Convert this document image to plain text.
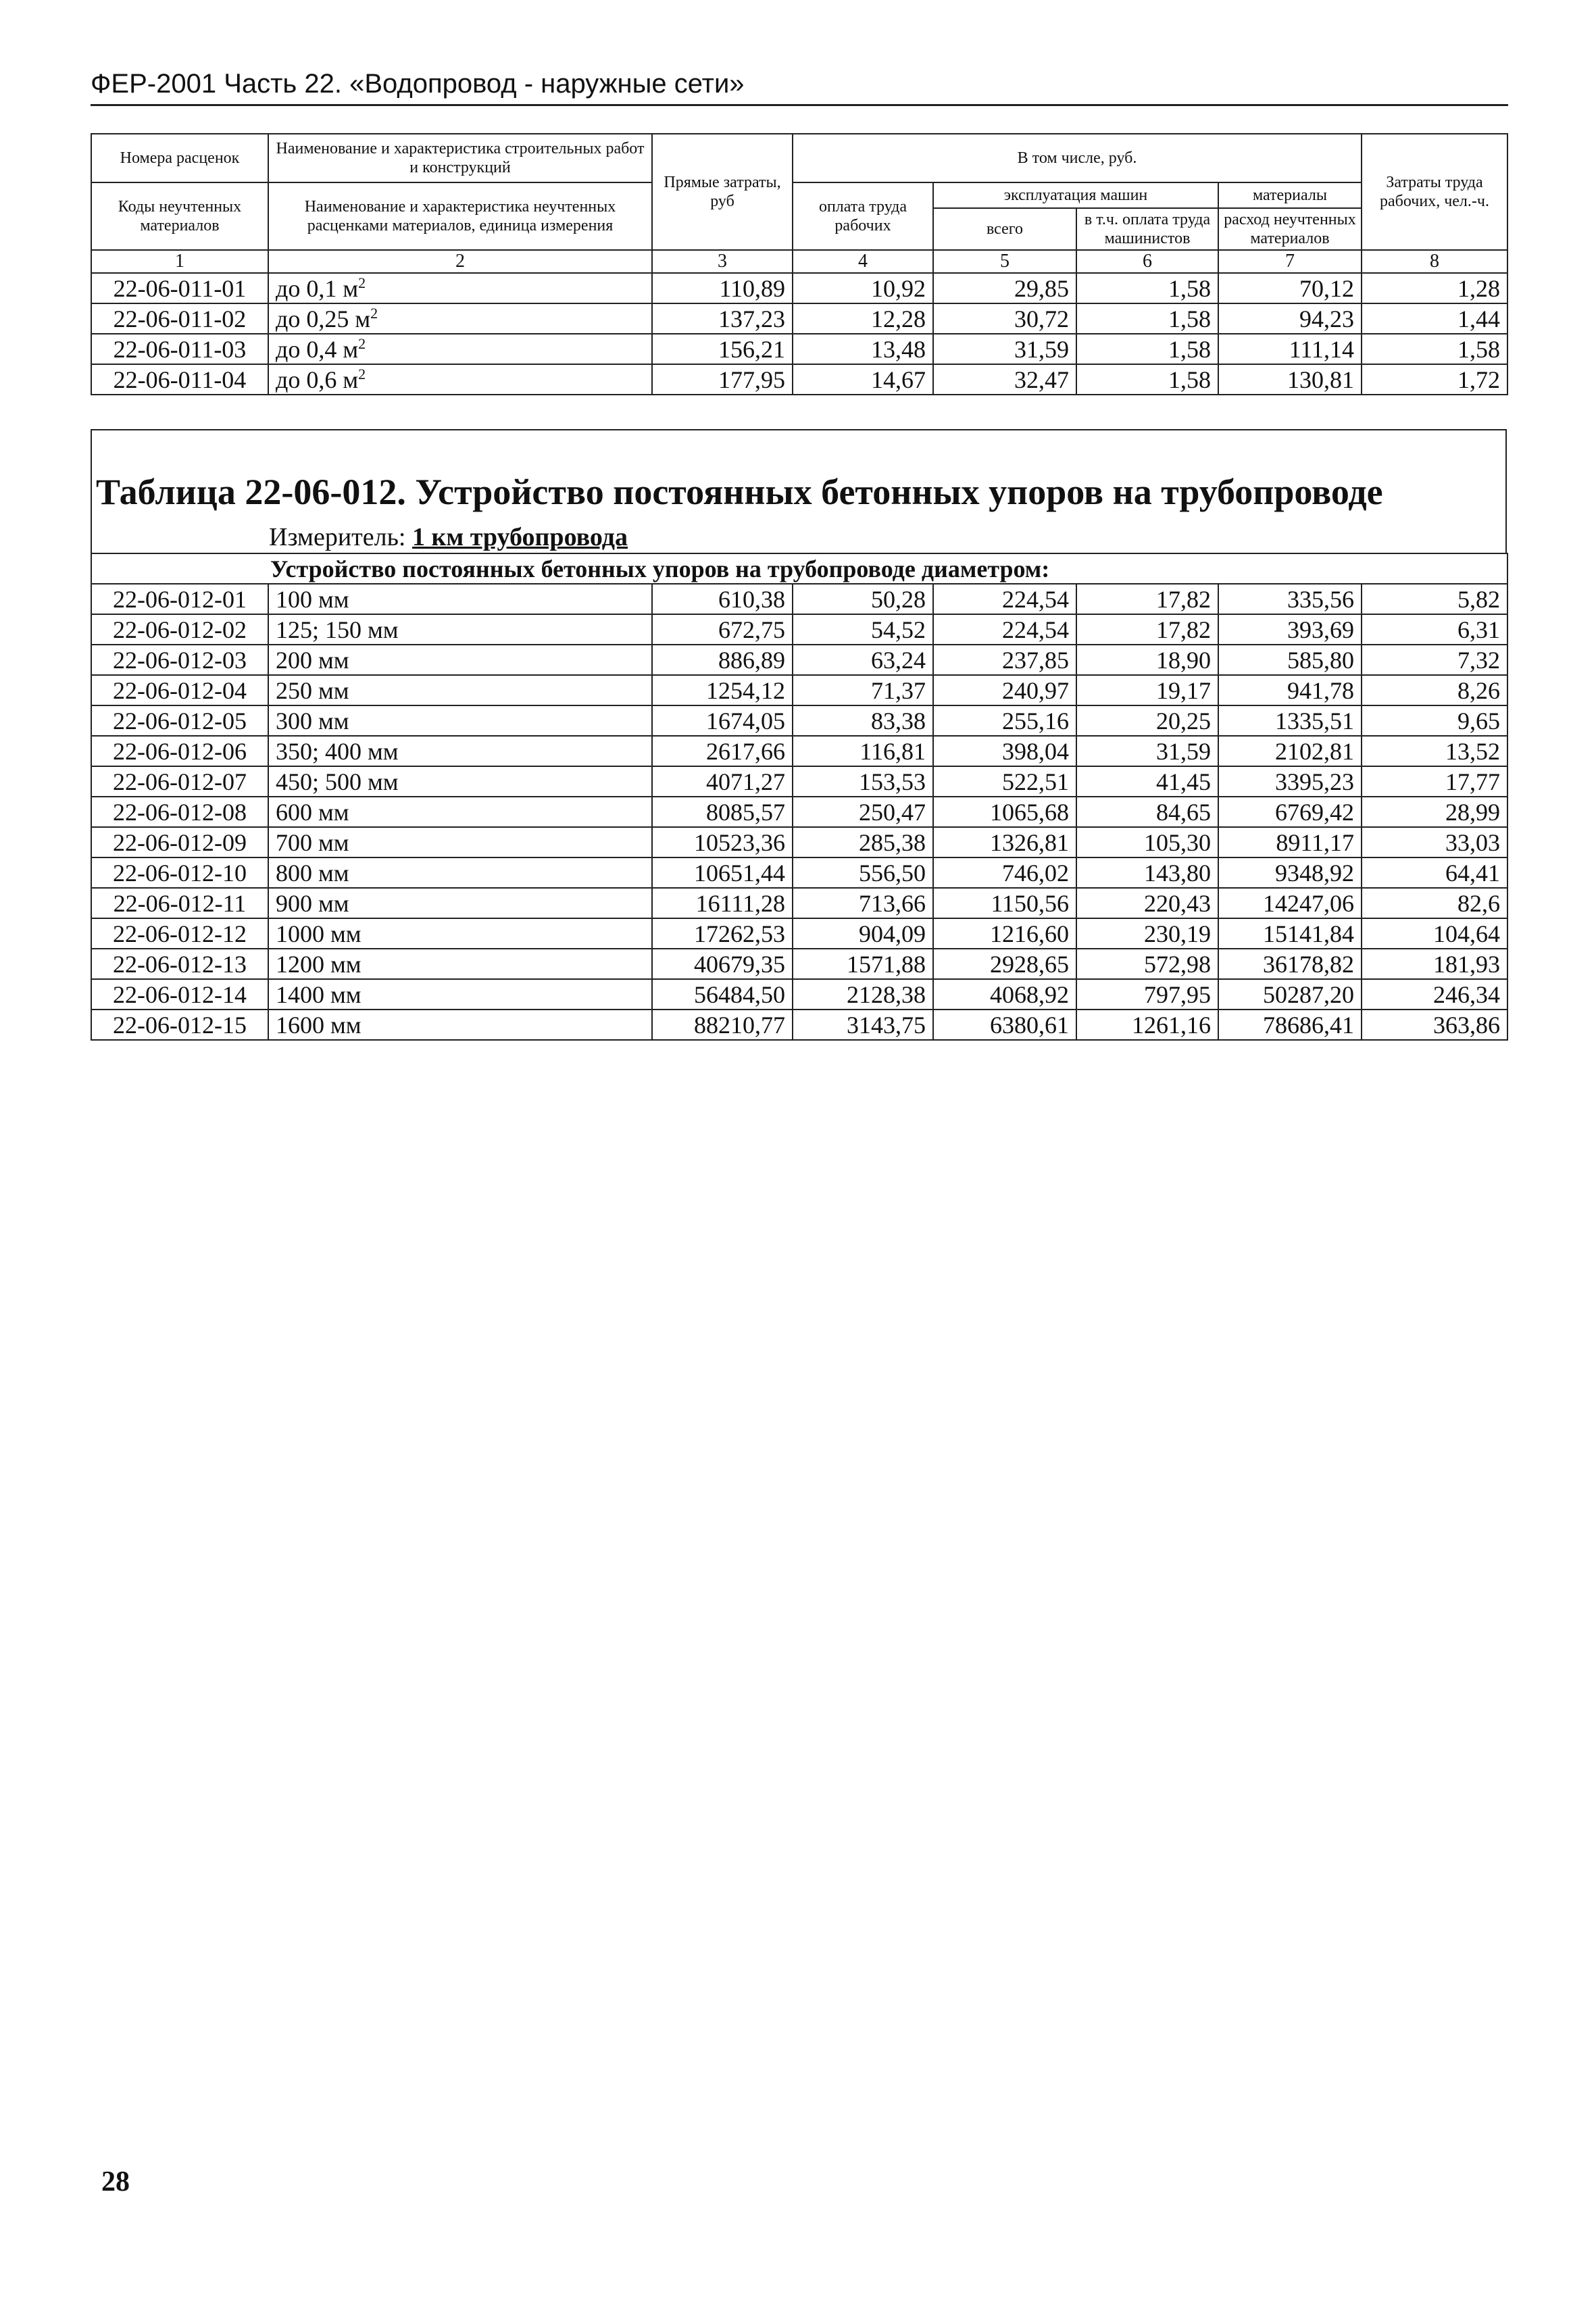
ФЕР-2001 Часть 22. «Водопровод - наружные сети»
Номера расценок	Наименование и характеристика строительных работ и конструкций	Прямые затраты, руб	В том числе, руб.				Затраты труда рабочих, чел.-ч.
Коды неучтенных материалов	Наименование и характеристика неучтенных расценками материалов, единица измерения		оплата труда рабочих	эксплуатация машин		материалы	
				всего	в т.ч. оплата труда машинистов	расход неучтенных материалов	

1	2	3	4	5	6	7	8
22-06-011-01	до 0,1 $м^2$	110,89	10,92	29,85	1,58	70,12	1,28
22-06-011-02	до 0,25 $м^2$	137,23	12,28	30,72	1,58	94,23	1,44
22-06-011-03	до 0,4 $м^2$	156,21	13,48	31,59	1,58	111,14	1,58
22-06-011-04	до 0,6 $м^2$	177,95	14,67	32,47	1,58	130,81	1,72
Таблица 22-06-012. Устройство постоянных бетонных упоров на трубопроводе
Измеритель: 1 км трубопровода
Устройство постоянных бетонных упоров на трубопроводе диаметром:							
22-06-012-01	100 мм	610,38	50,28	224,54	17,82	335,56	5,82
22-06-012-02	125; 150 мм	672,75	54,52	224,54	17,82	393,69	6,31
22-06-012-03	200 мм	886,89	63,24	237,85	18,90	585,80	7,32
22-06-012-04	250 мм	1254,12	71,37	240,97	19,17	941,78	8,26
22-06-012-05	300 мм	1674,05	83,38	255,16	20,25	1335,51	9,65
22-06-012-06	350; 400 мм	2617,66	116,81	398,04	31,59	2102,81	13,52
22-06-012-07	450; 500 мм	4071,27	153,53	522,51	41,45	3395,23	17,77
22-06-012-08	600 мм	8085,57	250,47	1065,68	84,65	6769,42	28,99
22-06-012-09	700 мм	10523,36	285,38	1326,81	105,30	8911,17	33,03
22-06-012-10	800 мм	10651,44	556,50	746,02	143,80	9348,92	64,41
22-06-012-11	900 мм	16111,28	713,66	1150,56	220,43	14247,06	82,6
22-06-012-12	1000 мм	17262,53	904,09	1216,60	230,19	15141,84	104,64
22-06-012-13	1200 мм	40679,35	1571,88	2928,65	572,98	36178,82	181,93
22-06-012-14	1400 мм	56484,50	2128,38	4068,92	797,95	50287,20	246,34
22-06-012-15	1600 мм	88210,77	3143,75	6380,61	1261,16	78686,41	363,86
28
